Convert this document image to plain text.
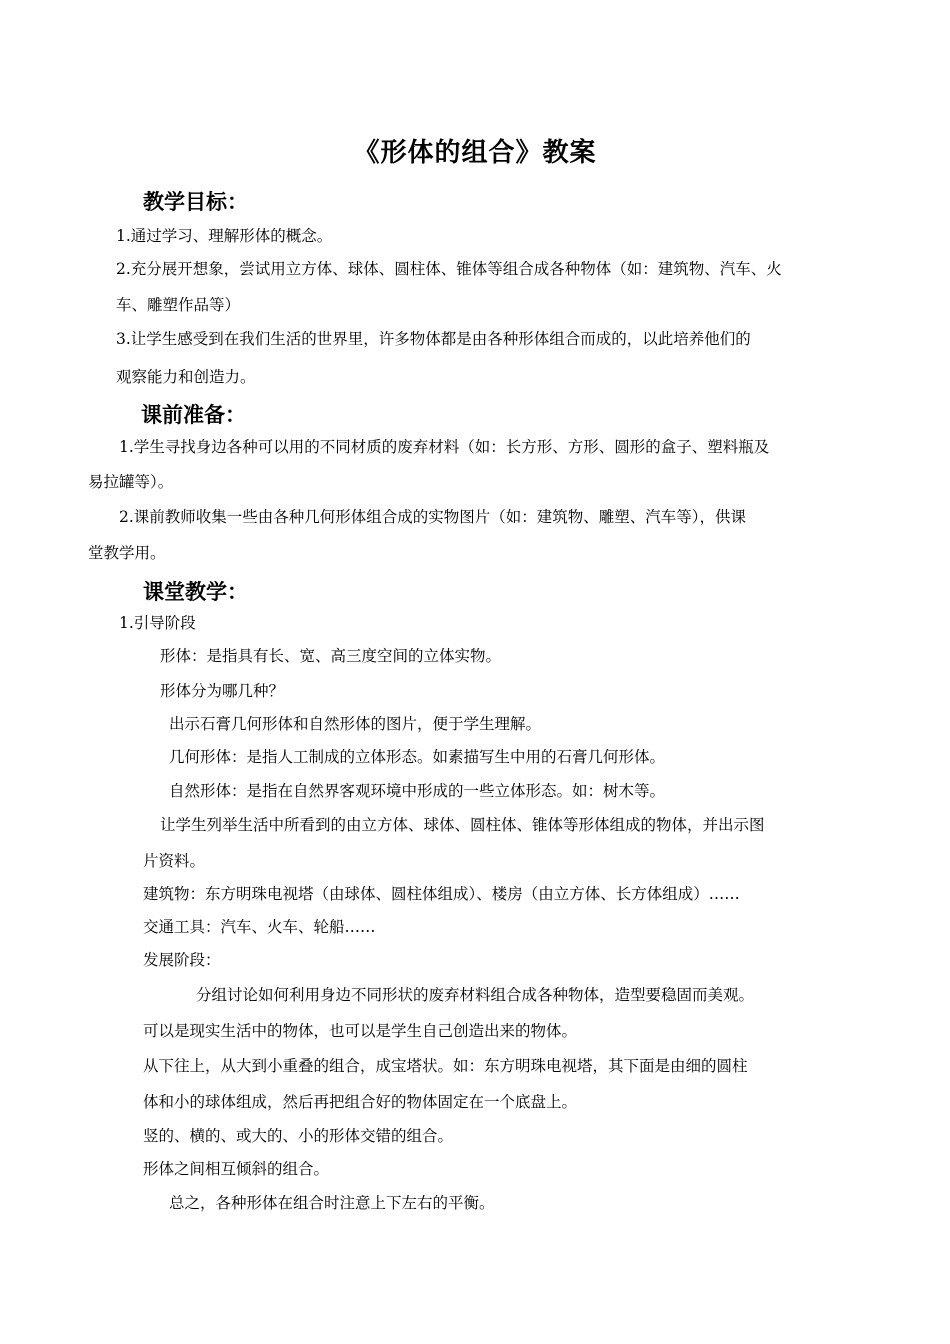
《形体的组合》教案
教学目标：

1.通过学习、理解形体的概念。

2.充分展开想象，尝试用立方体、球体、圆柱体、锥体等组合成各种物体（如：建筑物、汽车、火

车、雕塑作品等）

3.让学生感受到在我们生活的世界里，许多物体都是由各种形体组合而成的，以此培养他们的

观察能力和创造力。

课前准备：

1.学生寻找身边各种可以用的不同材质的废弃材料（如：长方形、方形、圆形的盒子、塑料瓶及

易拉罐等）。

2.课前教师收集一些由各种几何形体组合成的实物图片（如：建筑物、雕塑、汽车等），供课

堂教学用。

课堂教学：

1.引导阶段

形体：是指具有长、宽、高三度空间的立体实物。

形体分为哪几种？

出示石膏几何形体和自然形体的图片，便于学生理解。

几何形体：是指人工制成的立体形态。如素描写生中用的石膏几何形体。

自然形体：是指在自然界客观环境中形成的一些立体形态。如：树木等。

让学生列举生活中所看到的由立方体、球体、圆柱体、锥体等形体组成的物体，并出示图

片资料。

建筑物：东方明珠电视塔（由球体、圆柱体组成）、楼房（由立方体、长方体组成）……

交通工具：汽车、火车、轮船……

发展阶段：

分组讨论如何利用身边不同形状的废弃材料组合成各种物体，造型要稳固而美观。

可以是现实生活中的物体，也可以是学生自己创造出来的物体。

从下往上，从大到小重叠的组合，成宝塔状。如：东方明珠电视塔，其下面是由细的圆柱

体和小的球体组成，然后再把组合好的物体固定在一个底盘上。

竖的、横的、或大的、小的形体交错的组合。

形体之间相互倾斜的组合。

总之，各种形体在组合时注意上下左右的平衡。
